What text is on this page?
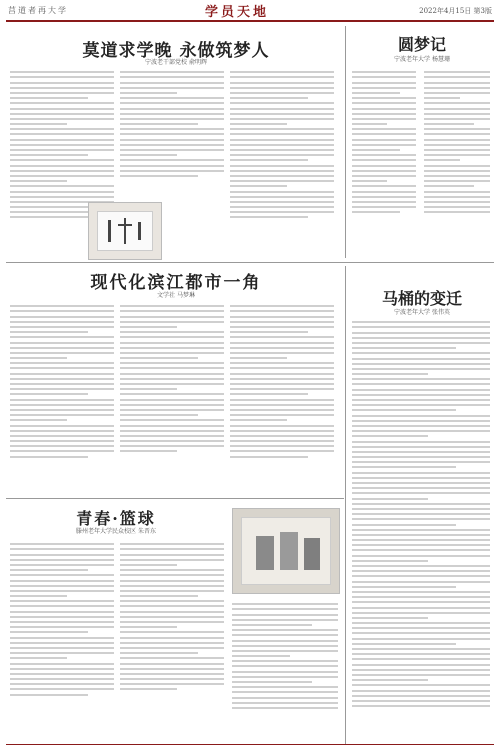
莒道者再大学	学员天地	2022年4月15日 第3版
莫道求学晚 永做筑梦人
宁波老干部党校 俞明辉
圆梦记
宁波老年大学 杨慧珊
现代化滨江都市一角
文学社 马梦琳	马桶的变迁
宁波老年大学 张伟英
青春·篮球
滕州老年大学民众校区 朱晋东
